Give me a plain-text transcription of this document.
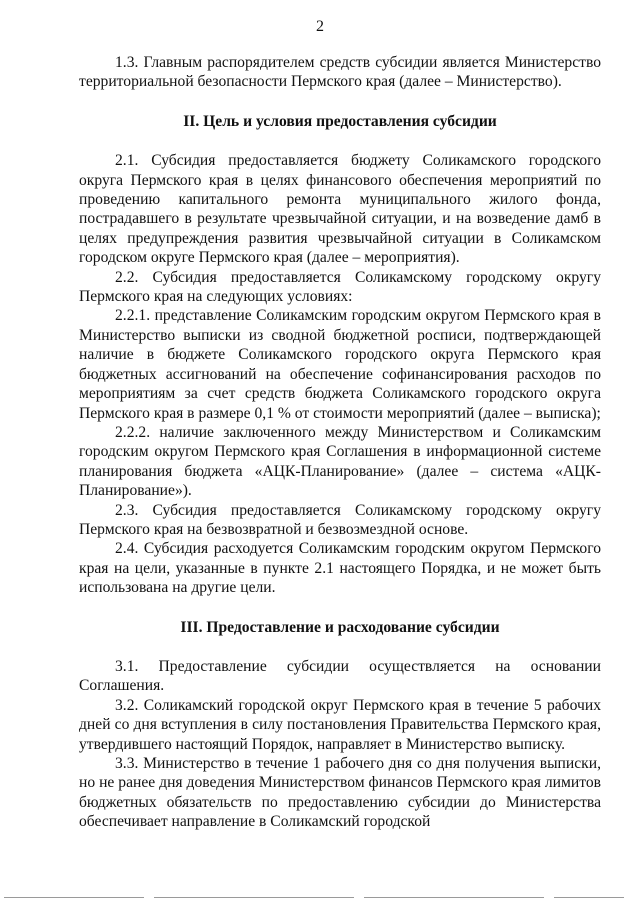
2

1.3. Главным распорядителем средств субсидии является Министерство территориальной безопасности Пермского края (далее – Министерство).

II. Цель и условия предоставления субсидии

2.1. Субсидия предоставляется бюджету Соликамского городского округа Пермского края в целях финансового обеспечения мероприятий по проведению капитального ремонта муниципального жилого фонда, пострадавшего в результате чрезвычайной ситуации, и на возведение дамб в целях предупреждения развития чрезвычайной ситуации в Соликамском городском округе Пермского края (далее – мероприятия).

2.2. Субсидия предоставляется Соликамскому городскому округу Пермского края на следующих условиях:

2.2.1. представление Соликамским городским округом Пермского края в Министерство выписки из сводной бюджетной росписи, подтверждающей наличие в бюджете Соликамского городского округа Пермского края бюджетных ассигнований на обеспечение софинансирования расходов по мероприятиям за счет средств бюджета Соликамского городского округа Пермского края в размере 0,1 % от стоимости мероприятий (далее – выписка);

2.2.2. наличие заключенного между Министерством и Соликамским городским округом Пермского края Соглашения в информационной системе планирования бюджета «АЦК-Планирование» (далее – система «АЦК-Планирование»).

2.3. Субсидия предоставляется Соликамскому городскому округу Пермского края на безвозвратной и безвозмездной основе.

2.4. Субсидия расходуется Соликамским городским округом Пермского края на цели, указанные в пункте 2.1 настоящего Порядка, и не может быть использована на другие цели.

III. Предоставление и расходование субсидии

3.1. Предоставление субсидии осуществляется на основании Соглашения.

3.2. Соликамский городской округ Пермского края в течение 5 рабочих дней со дня вступления в силу постановления Правительства Пермского края, утвердившего настоящий Порядок, направляет в Министерство выписку.

3.3. Министерство в течение 1 рабочего дня со дня получения выписки, но не ранее дня доведения Министерством финансов Пермского края лимитов бюджетных обязательств по предоставлению субсидии до Министерства обеспечивает направление в Соликамский городской
